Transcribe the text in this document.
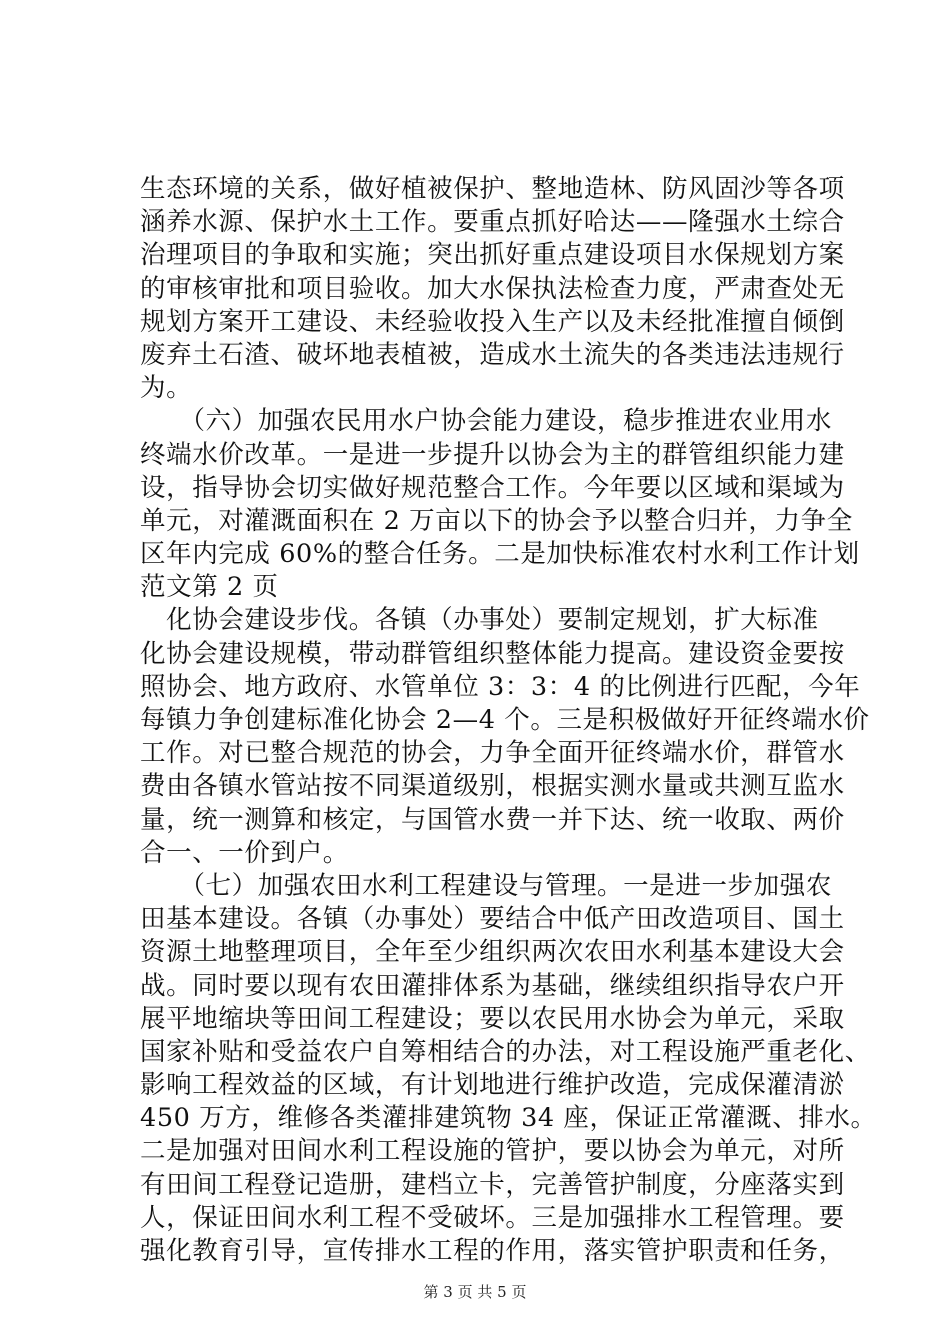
生态环境的关系，做好植被保护、整地造林、防风固沙等各项
涵养水源、保护水土工作。要重点抓好哈达——隆强水土综合
治理项目的争取和实施；突出抓好重点建设项目水保规划方案
的审核审批和项目验收。加大水保执法检查力度，严肃查处无
规划方案开工建设、未经验收投入生产以及未经批准擅自倾倒
废弃土石渣、破坏地表植被，造成水土流失的各类违法违规行
为。
　　（六）加强农民用水户协会能力建设，稳步推进农业用水
终端水价改革。一是进一步提升以协会为主的群管组织能力建
设，指导协会切实做好规范整合工作。今年要以区域和渠域为
单元，对灌溉面积在 2 万亩以下的协会予以整合归并，力争全
区年内完成 60%的整合任务。二是加快标准农村水利工作计划
范文第 2 页
　化协会建设步伐。各镇（办事处）要制定规划，扩大标准
化协会建设规模，带动群管组织整体能力提高。建设资金要按
照协会、地方政府、水管单位 3：3：4 的比例进行匹配，今年
每镇力争创建标准化协会 2—4 个。三是积极做好开征终端水价
工作。对已整合规范的协会，力争全面开征终端水价，群管水
费由各镇水管站按不同渠道级别，根据实测水量或共测互监水
量，统一测算和核定，与国管水费一并下达、统一收取、两价
合一、一价到户。
　　（七）加强农田水利工程建设与管理。一是进一步加强农
田基本建设。各镇（办事处）要结合中低产田改造项目、国土
资源土地整理项目，全年至少组织两次农田水利基本建设大会
战。同时要以现有农田灌排体系为基础，继续组织指导农户开
展平地缩块等田间工程建设；要以农民用水协会为单元，采取
国家补贴和受益农户自筹相结合的办法，对工程设施严重老化、
影响工程效益的区域，有计划地进行维护改造，完成保灌清淤
450 万方，维修各类灌排建筑物 34 座，保证正常灌溉、排水。
二是加强对田间水利工程设施的管护，要以协会为单元，对所
有田间工程登记造册，建档立卡，完善管护制度，分座落实到
人，保证田间水利工程不受破坏。三是加强排水工程管理。要
强化教育引导，宣传排水工程的作用，落实管护职责和任务，
第 3 页 共 5 页
